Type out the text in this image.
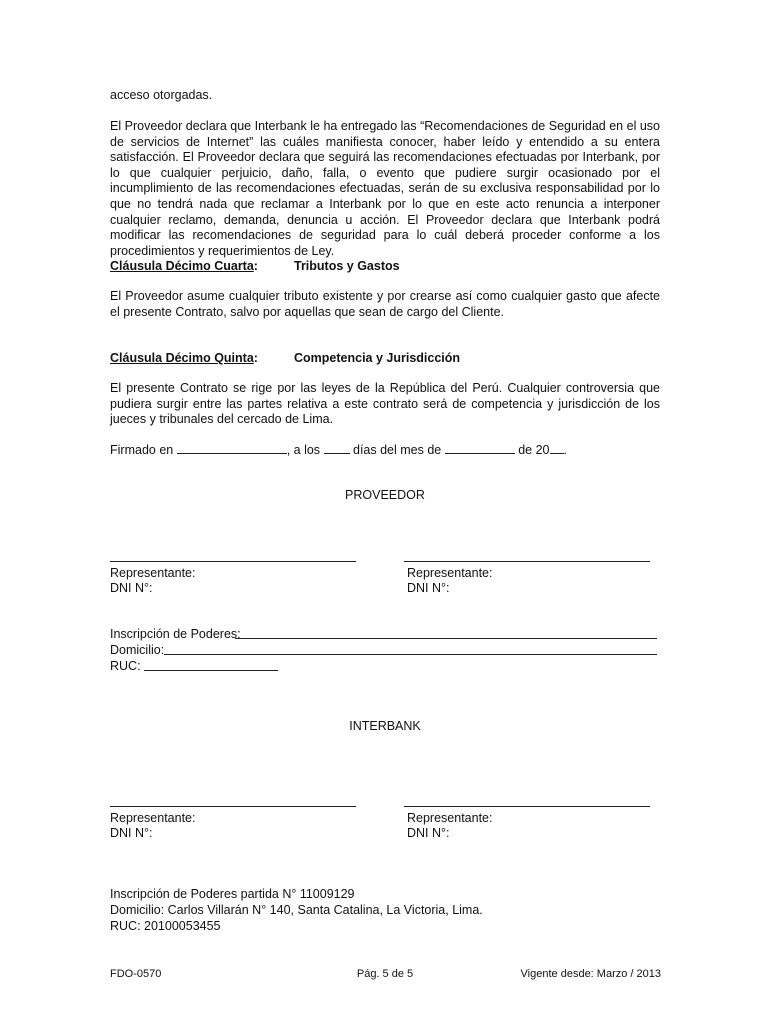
acceso otorgadas.

El Proveedor declara que Interbank le ha entregado las “Recomendaciones de Seguridad en el uso de servicios de Internet” las cuáles manifiesta conocer, haber leído y entendido a su entera satisfacción. El Proveedor declara que seguirá las recomendaciones efectuadas por Interbank, por lo que cualquier perjuicio, daño, falla, o evento que pudiere surgir ocasionado por el incumplimiento de las recomendaciones efectuadas, serán de su exclusiva responsabilidad por lo que no tendrá nada que reclamar a Interbank por lo que en este acto renuncia a interponer cualquier reclamo, demanda, denuncia u acción. El Proveedor declara que Interbank podrá modificar las recomendaciones de seguridad para lo cuál deberá proceder conforme a los procedimientos y requerimientos de Ley.

Cláusula Décimo Cuarta:	Tributos y Gastos

El Proveedor asume cualquier tributo existente y por crearse así como cualquier gasto que afecte el presente Contrato, salvo por aquellas que sean de cargo del Cliente.

Cláusula Décimo Quinta:	Competencia y Jurisdicción

El presente Contrato se rige por las leyes de la República del Perú. Cualquier controversia que pudiera surgir entre las partes relativa a este contrato será de competencia y jurisdicción de los jueces y tribunales del cercado de Lima.

Firmado en	, a los  días del mes de	de 20 .
PROVEEDOR
Representante:
DNI N°:
Representante:
DNI N°:
Inscripción de Poderes:
Domicilio:
RUC:
INTERBANK
Representante:
DNI N°:
Representante:
DNI N°:
Inscripción de Poderes partida N° 11009129
Domicilio: Carlos Villarán N° 140, Santa Catalina, La Victoria, Lima.
RUC: 20100053455
FDO-0570	Pág. 5 de 5	Vigente desde: Marzo / 2013
